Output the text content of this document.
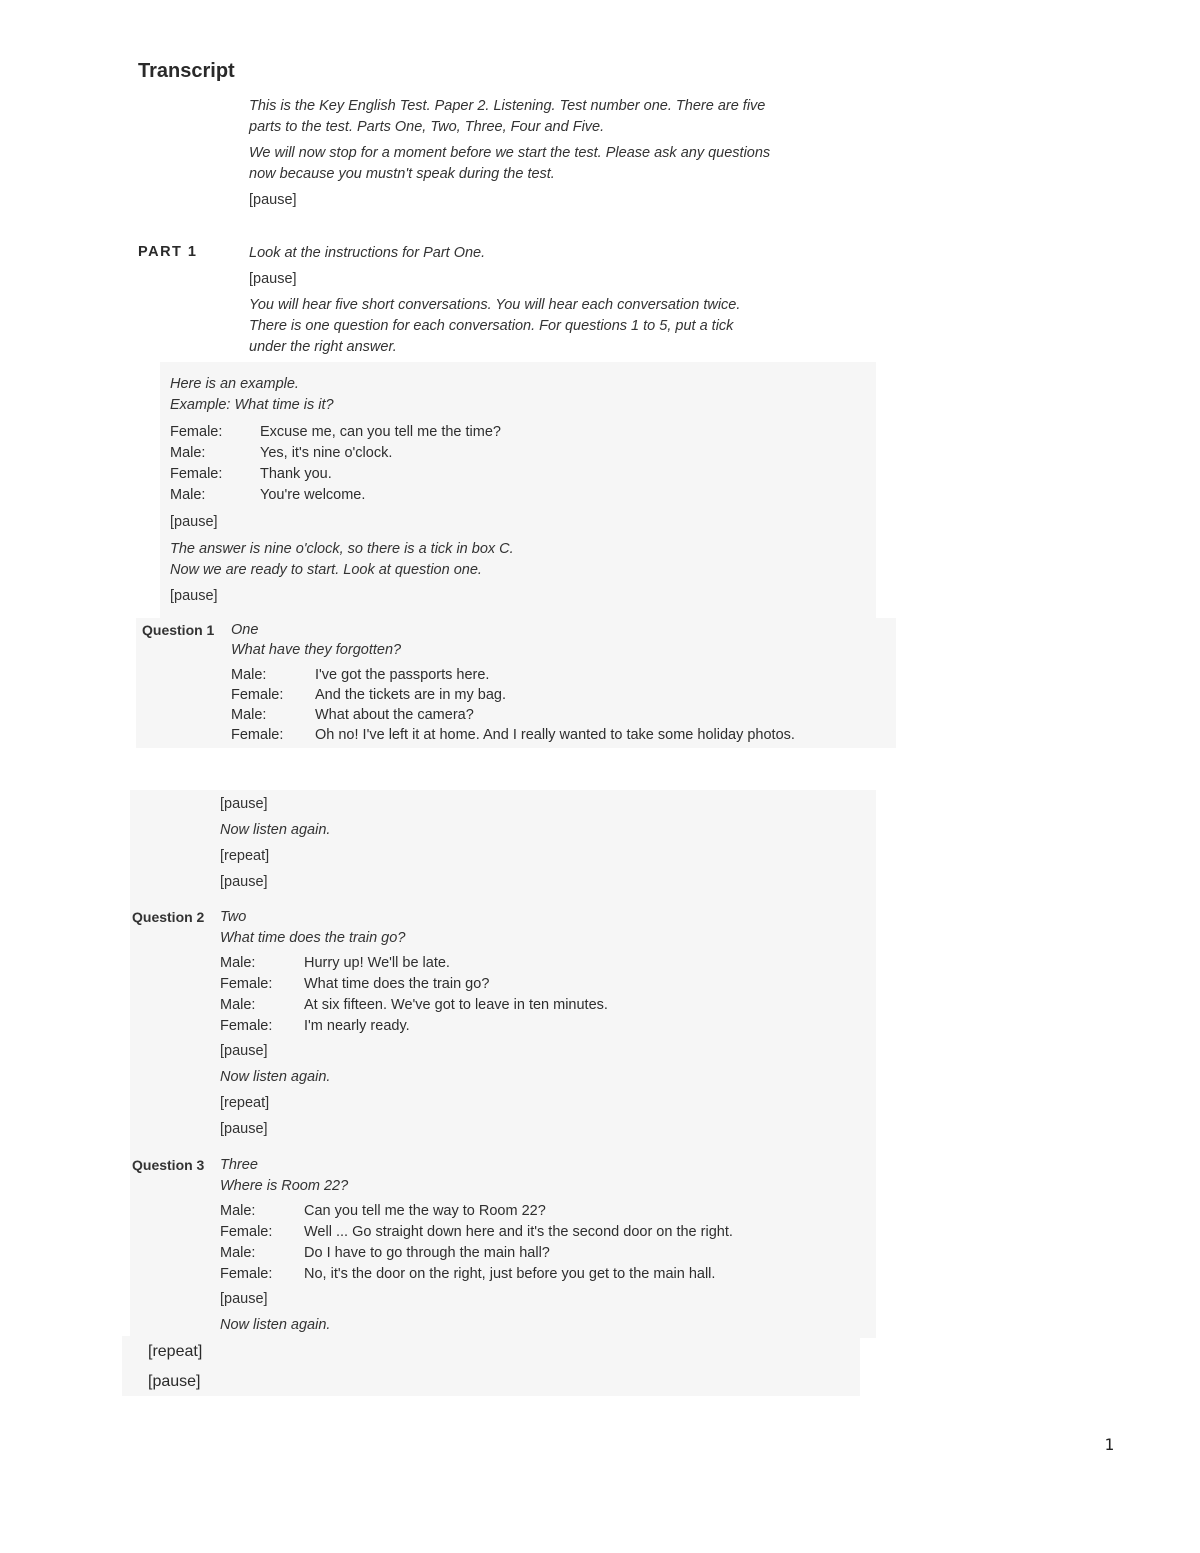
Transcript

This is the Key English Test. Paper 2. Listening. Test number one. There are five

parts to the test. Parts One, Two, Three, Four and Five.

We will now stop for a moment before we start the test. Please ask any questions

now because you mustn't speak during the test.

[pause]

PART 1	Look at the instructions for Part One.

[pause]

You will hear five short conversations. You will hear each conversation twice.

There is one question for each conversation. For questions 1 to 5, put a tick

under the right answer.

Here is an example.

Example: What time is it?

Female:	Excuse me, can you tell me the time?
Male:	Yes, it's nine o'clock.
Female:	Thank you.
Male:	You're welcome.

[pause]

The answer is nine o'clock, so there is a tick in box C.

Now we are ready to start. Look at question one.

[pause]

Question 1 One
What have they forgotten?
Male:	I've got the passports here.
Female: And the tickets are in my bag.
Male:	What about the camera?
Female: Oh no! I've left it at home. And I really wanted to take some holiday photos.

[pause]

Now listen again.

[repeat]

[pause]

Question 2 Two
What time does the train go?
Male:	Hurry up! We'll be late.
Female: What time does the train go?
Male:	At six fifteen. We've got to leave in ten minutes.
Female: I'm nearly ready.

[pause]

Now listen again.

[repeat]

[pause]

Question 3 Three
Where is Room 22?
Male:	Can you tell me the way to Room 22?
Female: Well ... Go straight down here and it's the second door on the right.
Male:	Do I have to go through the main hall?
Female: No, it's the door on the right, just before you get to the main hall.

[pause]

Now listen again.

[repeat]

[pause]

1
